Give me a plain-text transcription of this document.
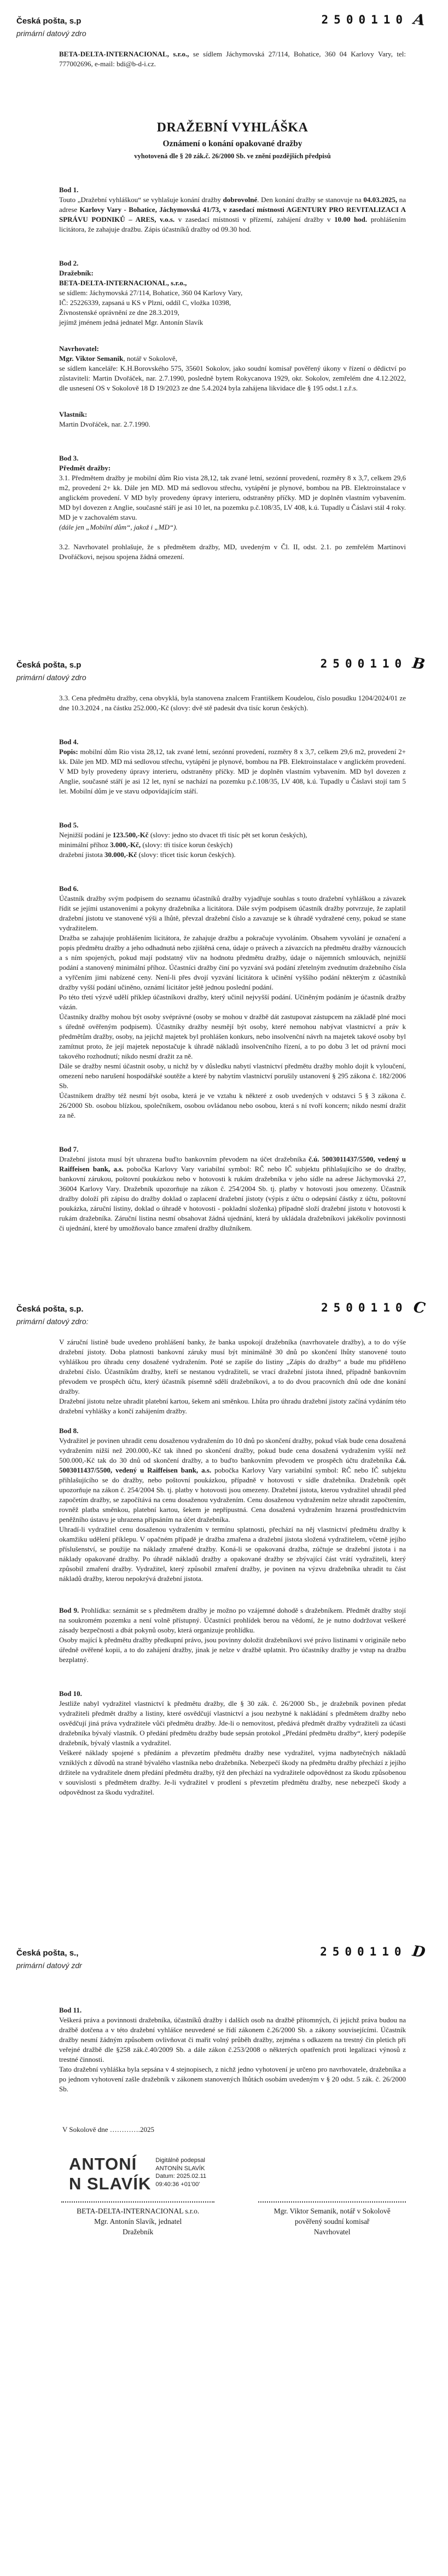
Česká pošta, s.p
primární datový zdro
2500110 A
BETA-DELTA-INTERNACIONAL, s.r.o., se sídlem Jáchymovská 27/114, Bohatice, 360 04 Karlovy Vary, tel: 777002696, e-mail: bdi@b-d-i.cz.
DRAŽEBNÍ VYHLÁŠKA
Oznámení o konání opakované dražby
vyhotovená dle § 20 zák.č. 26/2000 Sb. ve znění pozdějších předpisů
Bod 1.
Touto „Dražební vyhláškou“ se vyhlašuje konání dražby dobrovolné. Den konání dražby se stanovuje na 04.03.2025, na adrese Karlovy Vary - Bohatice, Jáchymovská 41/73, v zasedací místnosti AGENTURY PRO REVITALIZACI A SPRÁVU PODNIKŮ – ARES, v.o.s. v zasedací místnosti v přízemí, zahájení dražby v 10.00 hod. prohlášením licitátora, že zahajuje dražbu. Zápis účastníků dražby od 09.30 hod.
Bod 2.
Dražebník:
BETA-DELTA-INTERNACIONAL, s.r.o.,
se sídlem: Jáchymovská 27/114, Bohatice, 360 04 Karlovy Vary,
IČ: 25226339, zapsaná u KS v Plzni, oddíl C, vložka 10398,
Živnostenské oprávnění ze dne 28.3.2019,
jejímž jménem jedná jednatel Mgr. Antonín Slavík
Navrhovatel:
Mgr. Viktor Semanik, notář v Sokolově,
se sídlem kanceláře: K.H.Borovského 575, 35601 Sokolov, jako soudní komisař pověřený úkony v řízení o dědictví po zůstaviteli: Martin Dvořáček, nar. 2.7.1990, posledně bytem Rokycanova 1929, okr. Sokolov, zemřelém dne 4.12.2022, dle usnesení OS v Sokolově 18 D 19/2023 ze dne 5.4.2024 byla zahájena likvidace dle § 195 odst.1 z.ř.s.
Vlastník:
Martin Dvořáček, nar. 2.7.1990.
Bod 3.
Předmět dražby:
3.1. Předmětem dražby je mobilní dům Rio vista 28,12, tak zvané letní, sezónní provedení, rozměry 8 x 3,7, celkem 29,6 m2, provedení 2+ kk. Dále jen MD. MD má sedlovou střechu, vytápění je plynové, bombou na PB. Elektroinstalace v anglickém provedení. V MD byly provedeny úpravy interieru, odstraněny příčky. MD je doplněn vlastním vybavením. MD byl dovezen z Anglie, současné stáří je asi 10 let, na pozemku p.č.108/35, LV 408, k.ú. Tupadly u Čáslavi stál 4 roky. MD je v zachovalém stavu.
(dále jen „Mobilní dům“, jakož i „MD“).
3.2. Navrhovatel prohlašuje, že s předmětem dražby, MD, uvedeným v Čl. II, odst. 2.1. po zemřelém Martinovi Dvořáčkovi, nejsou spojena žádná omezení.
Česká pošta, s.p
primární datový zdro
2500110 B
3.3. Cena předmětu dražby, cena obvyklá, byla stanovena znalcem Františkem Koudelou, číslo posudku 1204/2024/01 ze dne 10.3.2024 , na částku 252.000,-Kč (slovy: dvě stě padesát dva tisíc korun českých).
Bod 4.
Popis: mobilní dům Rio vista 28,12, tak zvané letní, sezónní provedení, rozměry 8 x 3,7, celkem 29,6 m2, provedení 2+ kk. Dále jen MD. MD má sedlovou střechu, vytápění je plynové, bombou na PB. Elektroinstalace v anglickém provedení. V MD byly provedeny úpravy interieru, odstraněny příčky. MD je doplněn vlastním vybavením. MD byl dovezen z Anglie, současné stáří je asi 12 let, nyní se nachází na pozemku p.č.108/35, LV 408, k.ú. Tupadly u Čáslavi stojí tam 5 let. Mobilní dům je ve stavu odpovídajícím stáří.
Bod 5.
Nejnižší podání je 123.500,-Kč (slovy: jedno sto dvacet tři tisíc pět set korun českých),
minimální příhoz 3.000,-Kč, (slovy: tři tisíce korun českých)
dražební jistota 30.000,-Kč (slovy: třicet tisíc korun českých).
Bod 6.
Účastník dražby svým podpisem do seznamu účastníků dražby vyjadřuje souhlas s touto dražební vyhláškou a závazek řídit se jejími ustanoveními a pokyny dražebníka a licitátora. Dále svým podpisem účastník dražby potvrzuje, že zaplatil dražební jistotu ve stanovené výši a lhůtě, převzal dražební číslo a zavazuje se k úhradě vydražené ceny, pokud se stane vydražitelem.
Dražba se zahajuje prohlášením licitátora, že zahajuje dražbu a pokračuje vyvoláním. Obsahem vyvolání je označení a popis předmětu dražby a jeho odhadnutá nebo zjištěná cena, údaje o právech a závazcích na předmětu dražby váznoucích a s ním spojených, pokud mají podstatný vliv na hodnotu předmětu dražby, údaje o nájemních smlouvách, nejnižší podání a stanovený minimální příhoz. Účastníci dražby činí po vyzvání svá podání zřetelným zvednutím dražebního čísla a vyřčením jimi nabízené ceny. Není-li přes dvojí vyzvání licitátora k učinění vyššího podání některým z účastníků dražby vyšší podání učiněno, oznámí licitátor ještě jednou poslední podání.
Po této třetí výzvě udělí příklep účastníkovi dražby, který učinil nejvyšší podání. Učiněným podáním je účastník dražby vázán.
Účastníky dražby mohou být osoby svéprávné (osoby se mohou v dražbě dát zastupovat zástupcem na základě plné moci s úředně ověřeným podpisem). Účastníky dražby nesmějí být osoby, které nemohou nabývat vlastnictví a práv k předmětům dražby, osoby, na jejichž majetek byl prohlášen konkurs, nebo insolvenční návrh na majetek takové osoby byl zamítnut proto, že její majetek nepostačuje k úhradě nákladů insolvenčního řízení, a to po dobu 3 let od právní moci takového rozhodnutí; nikdo nesmí dražit za ně.
Dále se dražby nesmí účastnit osoby, u nichž by v důsledku nabytí vlastnictví předmětu dražby mohlo dojít k vyloučení, omezení nebo narušení hospodářské soutěže a které by nabytím vlastnictví porušily ustanovení § 295 zákona č. 182/2006 Sb.
Účastníkem dražby též nesmí být osoba, která je ve vztahu k některé z osob uvedených v odstavci 5 § 3 zákona č. 26/2000 Sb. osobou blízkou, společníkem, osobou ovládanou nebo osobou, která s ní tvoří koncern; nikdo nesmí dražit za ně.
Bod 7.
Dražební jistota musí být uhrazena buďto bankovním převodem na účet dražebníka č.ú. 5003011437/5500, vedený u Raiffeisen bank, a.s. pobočka Karlovy Vary variabilní symbol: RČ nebo IČ subjektu přihlašujícího se do dražby, bankovní zárukou, poštovní poukázkou nebo v hotovosti k rukám dražebníka v jeho sídle na adrese Jáchymovská 27, 36004 Karlovy Vary. Dražebník upozorňuje na zákon č. 254/2004 Sb. tj. platby v hotovosti jsou omezeny. Účastník dražby doloží při zápisu do dražby doklad o zaplacení dražební jistoty (výpis z účtu o odepsání částky z účtu, poštovní poukázka, záruční listiny, doklad o úhradě v hotovosti - pokladní složenka) případně složí dražební jistotu v hotovosti k rukám dražebníka. Záruční listina nesmí obsahovat žádná ujednání, která by ukládala dražebníkovi jakékoliv povinnosti či ujednání, které by umožňovalo bance zmaření dražby dlužníkem.
Česká pošta, s.p.
primární datový zdro:
2500110 C
V záruční listině bude uvedeno prohlášení banky, že banka uspokojí dražebníka (navrhovatele dražby), a to do výše dražební jistoty. Doba platnosti bankovní záruky musí být minimálně 30 dnů po skončení lhůty stanovené touto vyhláškou pro úhradu ceny dosažené vydražením. Poté se zapíše do listiny „Zápis do dražby“ a bude mu přiděleno dražební číslo. Účastníkům dražby, kteří se nestanou vydražiteli, se vrací dražební jistota ihned, případně bankovním převodem ve prospěch účtu, který účastník písemně sdělí dražebníkovi, a to do dvou pracovních dnů ode dne konání dražby.
Dražební jistotu nelze uhradit platební kartou, šekem ani směnkou. Lhůta pro úhradu dražební jistoty začíná vydáním této dražební vyhlášky a končí zahájením dražby.
Bod 8.
Vydražitel je povinen uhradit cenu dosaženou vydražením do 10 dnů po skončení dražby, pokud však bude cena dosažená vydražením nižší než 200.000,-Kč tak ihned po skončení dražby, pokud bude cena dosažená vydražením vyšší než 500.000,-Kč tak do 30 dnů od skončení dražby, a to buďto bankovním převodem ve prospěch účtu dražebníka č.ú. 5003011437/5500, vedený u Raiffeisen bank, a.s. pobočka Karlovy Vary variabilní symbol: RČ nebo IČ subjektu přihlašujícího se do dražby, nebo poštovní poukázkou, případně v hotovosti v sídle dražebníka. Dražebník opět upozorňuje na zákon č. 254/2004 Sb. tj. platby v hotovosti jsou omezeny. Dražební jistota, kterou vydražitel uhradil před započetím dražby, se započítává na cenu dosaženou vydražením. Cenu dosaženou vydražením nelze uhradit započtením, rovněž platba směnkou, platební kartou, šekem je nepřípustná. Cena dosažená vydražením hrazená prostřednictvím peněžního ústavu je uhrazena připsáním na účet dražebníka.
Uhradí-li vydražitel cenu dosaženou vydražením v termínu splatnosti, přechází na něj vlastnictví předmětu dražby k okamžiku udělení příklepu. V opačném případě je dražba zmařena a dražební jistota složená vydražitelem, včetně jejího příslušenství, se použije na náklady zmařené dražby. Koná-li se opakovaná dražba, zúčtuje se dražební jistota i na náklady opakované dražby. Po úhradě nákladů dražby a opakované dražby se zbývající část vrátí vydražiteli, který způsobil zmaření dražby. Vydražitel, který způsobil zmaření dražby, je povinen na výzvu dražebníka uhradit tu část nákladů dražby, kterou nepokrývá dražební jistota.
Bod 9. Prohlídka: seznámit se s předmětem dražby je možno po vzájemné dohodě s dražebníkem. Předmět dražby stojí na soukromém pozemku a není volně přístupný. Účastníci prohlídek berou na vědomí, že je nutno dodržovat veškeré zásady bezpečnosti a dbát pokynů osoby, která organizuje prohlídku.
Osoby mající k předmětu dražby předkupní právo, jsou povinny doložit dražebníkovi své právo listinami v originále nebo úředně ověřené kopii, a to do zahájení dražby, jinak je nelze v dražbě uplatnit. Pro účastníky dražby je vstup na dražbu bezplatný.
Bod 10.
Jestliže nabyl vydražitel vlastnictví k předmětu dražby, dle § 30 zák. č. 26/2000 Sb., je dražebník povinen předat vydražiteli předmět dražby a listiny, které osvědčují vlastnictví a jsou nezbytné k nakládání s předmětem dražby nebo osvědčují jiná práva vydražitele vůči předmětu dražby. Jde-li o nemovitost, předává předmět dražby vydražiteli za účasti dražebníka bývalý vlastník. O předání předmětu dražby bude sepsán protokol „Předání předmětu dražby“, který podepíše dražebník, bývalý vlastník a vydražitel.
Veškeré náklady spojené s předáním a převzetím předmětu dražby nese vydražitel, vyjma nadbytečných nákladů vzniklých z důvodů na straně bývalého vlastníka nebo dražebníka. Nebezpečí škody na předmětu dražby přechází z jejího držitele na vydražitele dnem předání předmětu dražby, týž den přechází na vydražitele odpovědnost za škodu způsobenou v souvislosti s předmětem dražby. Je-li vydražitel v prodlení s převzetím předmětu dražby, nese nebezpečí škody a odpovědnost za škodu vydražitel.
Česká pošta, s.,
primární datový zdr
2500110 D
Bod 11.
Veškerá práva a povinnosti dražebníka, účastníků dražby i dalších osob na dražbě přítomných, či jejichž práva budou na dražbě dotčena a v této dražební vyhlášce neuvedené se řídí zákonem č.26/2000 Sb. a zákony souvisejícími. Účastník dražby nesmí žádným způsobem ovlivňovat či mařit volný průběh dražby, zejména s odkazem na trestný čin pletich při veřejné dražbě dle §258 zák.č.40/2009 Sb. a dále zákon č.253/2008 o některých opatřeních proti legalizaci výnosů z trestné činnosti.
Tato dražební vyhláška byla sepsána v 4 stejnopisech, z nichž jedno vyhotovení je určeno pro navrhovatele, dražebníka a po jednom vyhotovení zašle dražebník v zákonem stanovených lhůtách osobám uvedeným v § 20 odst. 5 zák. č. 26/2000 Sb.
V Sokolově dne ………….2025
ANTONÍ
N SLAVÍK
Digitálně podepsal
ANTONÍN SLAVÍK
Datum: 2025.02.11
09:40:36 +01'00'
BETA-DELTA-INTERNACIONAL s.r.o.
Mgr. Antonín Slavík, jednatel
Dražebník
Mgr. Viktor Semanik, notář v Sokolově
pověřený soudní komisař
Navrhovatel
